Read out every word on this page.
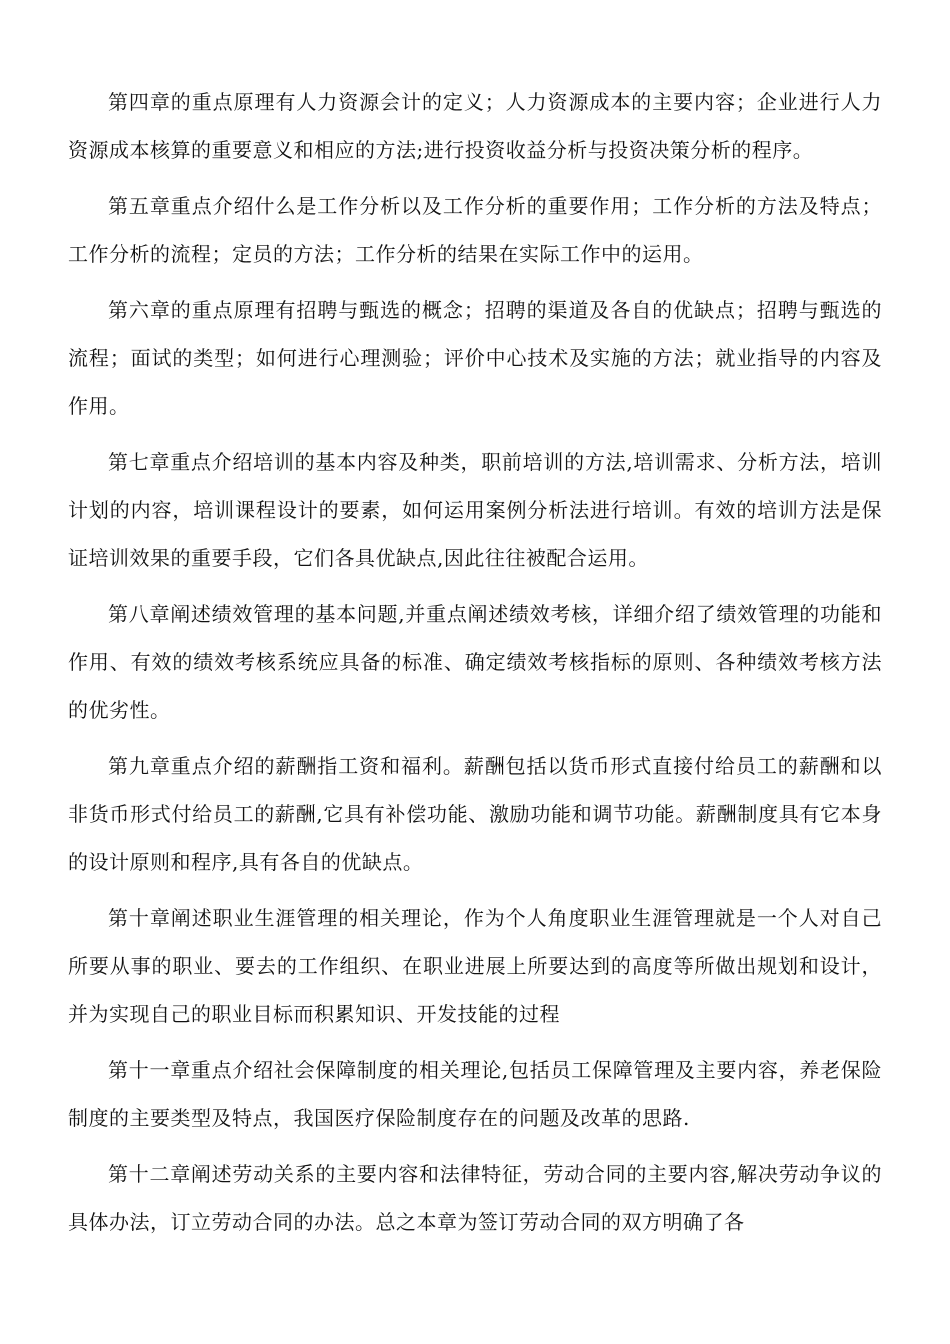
第四章的重点原理有人力资源会计的定义；人力资源成本的主要内容；企业进行人力资源成本核算的重要意义和相应的方法;进行投资收益分析与投资决策分析的程序。

第五章重点介绍什么是工作分析以及工作分析的重要作用；工作分析的方法及特点；工作分析的流程；定员的方法；工作分析的结果在实际工作中的运用。

第六章的重点原理有招聘与甄选的概念；招聘的渠道及各自的优缺点；招聘与甄选的流程；面试的类型；如何进行心理测验；评价中心技术及实施的方法；就业指导的内容及作用。

第七章重点介绍培训的基本内容及种类，职前培训的方法,培训需求、分析方法，培训计划的内容，培训课程设计的要素，如何运用案例分析法进行培训。有效的培训方法是保证培训效果的重要手段，它们各具优缺点,因此往往被配合运用。

第八章阐述绩效管理的基本问题,并重点阐述绩效考核，详细介绍了绩效管理的功能和作用、有效的绩效考核系统应具备的标准、确定绩效考核指标的原则、各种绩效考核方法的优劣性。

第九章重点介绍的薪酬指工资和福利。薪酬包括以货币形式直接付给员工的薪酬和以非货币形式付给员工的薪酬,它具有补偿功能、激励功能和调节功能。薪酬制度具有它本身的设计原则和程序,具有各自的优缺点。

第十章阐述职业生涯管理的相关理论，作为个人角度职业生涯管理就是一个人对自己所要从事的职业、要去的工作组织、在职业进展上所要达到的高度等所做出规划和设计，并为实现自己的职业目标而积累知识、开发技能的过程

第十一章重点介绍社会保障制度的相关理论,包括员工保障管理及主要内容，养老保险制度的主要类型及特点，我国医疗保险制度存在的问题及改革的思路.

第十二章阐述劳动关系的主要内容和法律特征，劳动合同的主要内容,解决劳动争议的具体办法，订立劳动合同的办法。总之本章为签订劳动合同的双方明确了各
